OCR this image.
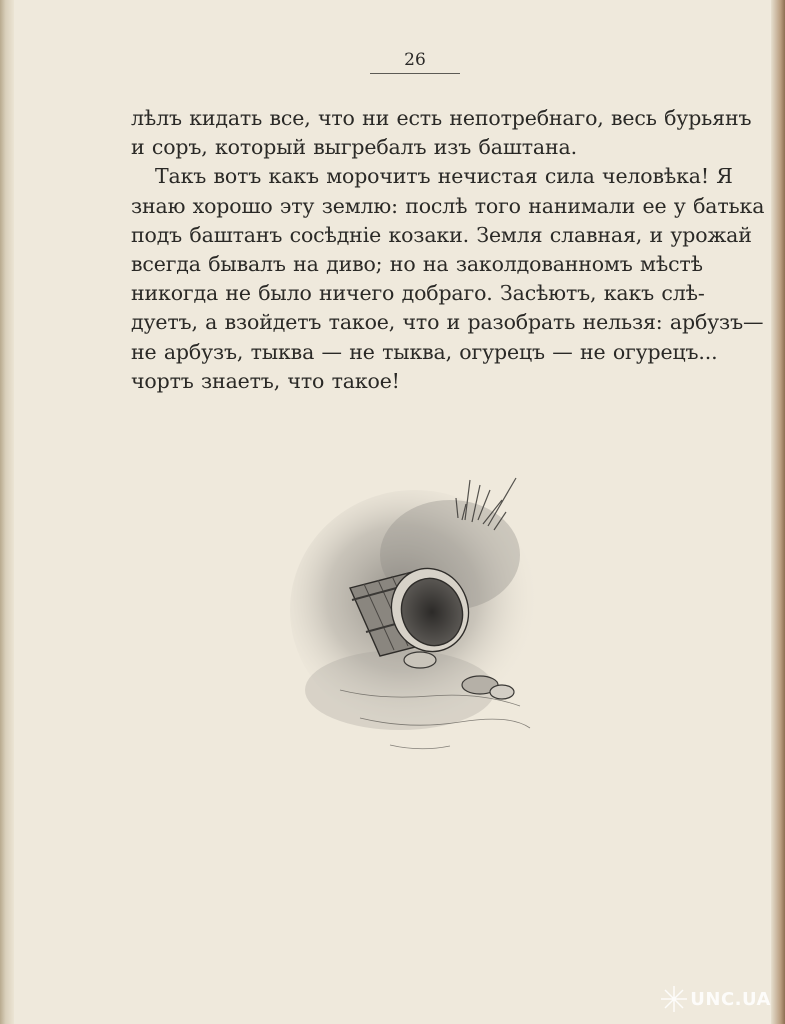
26
лѣлъ кидать все, что ни есть непотребнаго, весь бурьянъ
и соръ, который выгребалъ изъ баштана.
Такъ вотъ какъ морочитъ нечистая сила человѣка! Я
знаю хорошо эту землю: послѣ того нанимали ее у батька
подъ баштанъ сосѣдніе козаки. Земля славная, и урожай
всегда бывалъ на диво; но на заколдованномъ мѣстѣ
никогда не было ничего добраго. Засѣютъ, какъ слѣ-
дуетъ, а взойдетъ такое, что и разобрать нельзя: арбузъ—
не арбузъ, тыква — не тыква, огурецъ — не огурецъ...
чортъ знаетъ, что такое!
UNC.UA
